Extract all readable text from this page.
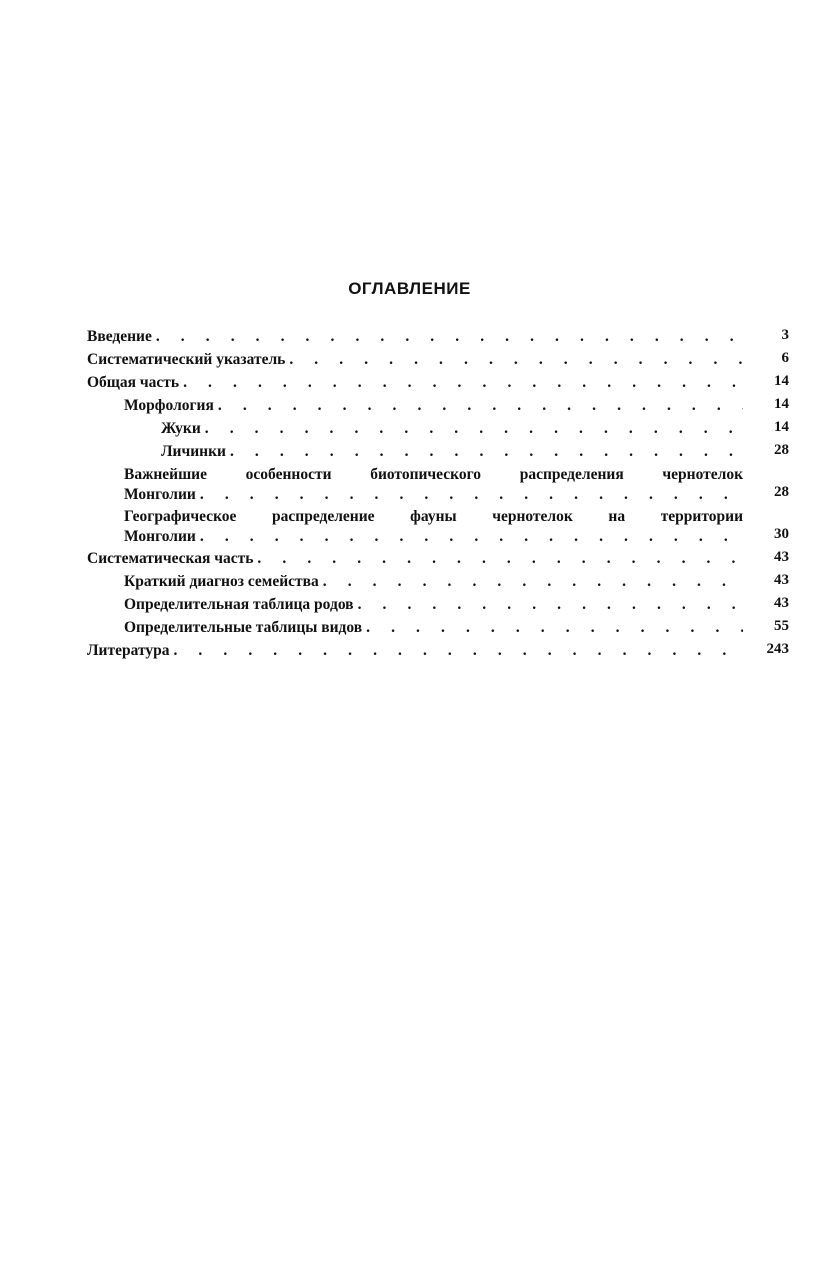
ОГЛАВЛЕНИЕ
Введение . . .	3
Систематический указатель . . .	6
Общая часть . . .	14
Морфология . . .	14
Жуки . . .	14
Личинки . . .	28
Важнейшие особенности биотопического распределения чернотелок
Монголии . . .	28
Географическое распределение фауны чернотелок на территории
Монголии . . .	30
Систематическая часть . . .	43
Краткий диагноз семейства . . .	43
Определительная таблица родов . . .	43
Определительные таблицы видов . . .	55
Литература . . .	243
